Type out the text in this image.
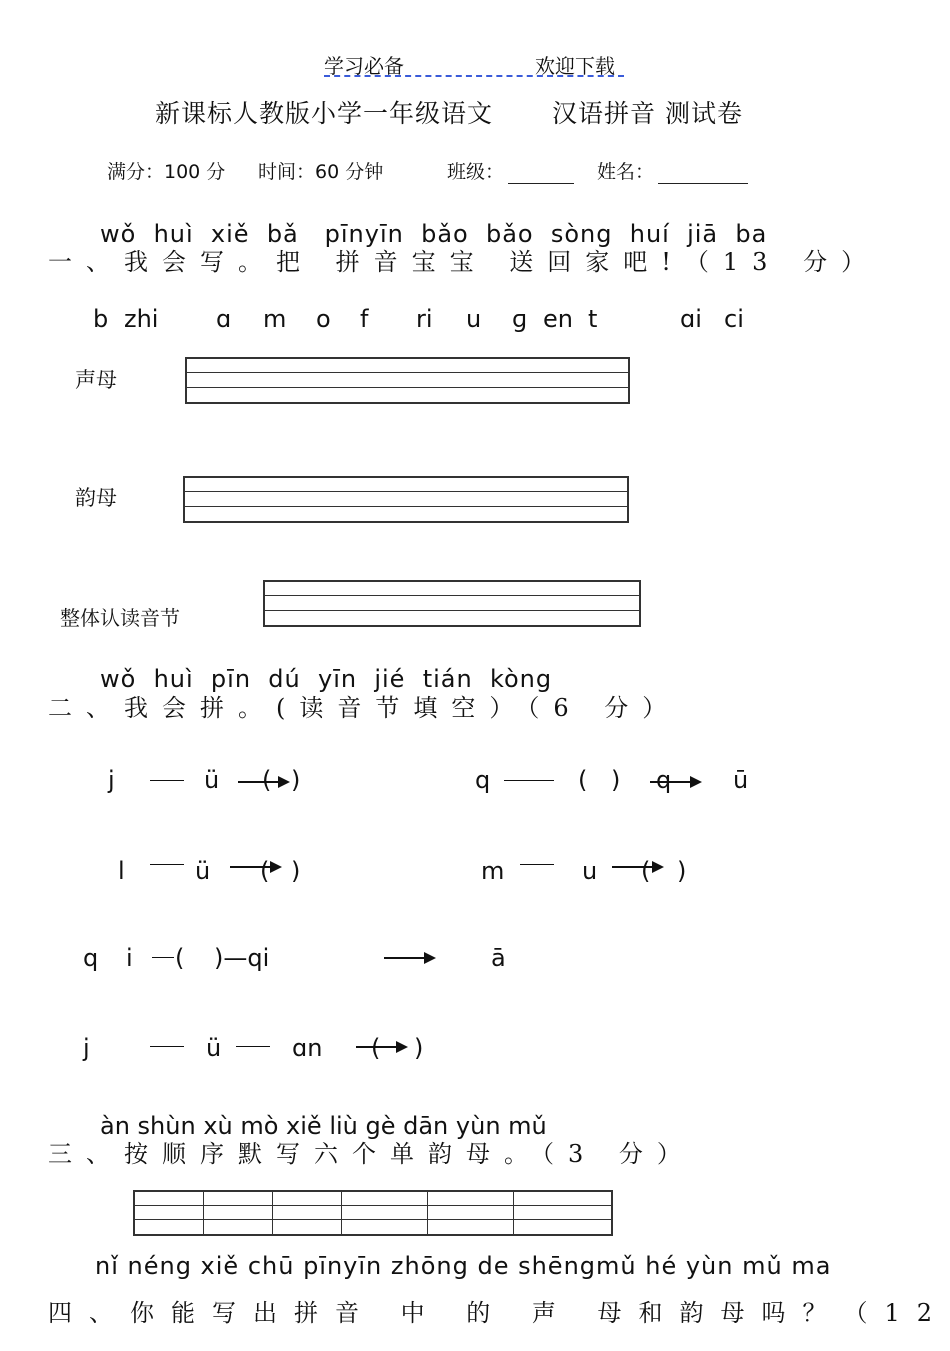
学习必备	欢迎下载
新课标人教版小学一年级语文 汉语拼音 测试卷
满分：100 分 时间：60 分钟	班级：	姓名：
wǒ  huì  xiě  bǎ   pīnyīn  bǎo  bǎo  sòng  huí  jiā  ba
一、我会写。把 拼音宝宝 送回家吧!（13 分）
b zhi ɑ m o f ri u ɡ en t	ɑi ci
声母
韵母
整体认读音节
wǒ  huì  pīn  dú  yīn  jié  tián  kòng
二、我会拼。(读音节填空）（6 分）
j	ü ( )	q	( ) q	ū
l	ü ( )	m	u ( )
q i ( )—qi	ā
j	ü	ɑn ( )
àn shùn xù mò xiě liù gè dān yùn mǔ
三、按顺序默写六个单韵母。（3 分）
nǐ néng xiě chū pīnyīn zhōng de shēngmǔ hé yùn mǔ ma
四、你能写出拼音 中 的 声 母和韵母吗？（12
